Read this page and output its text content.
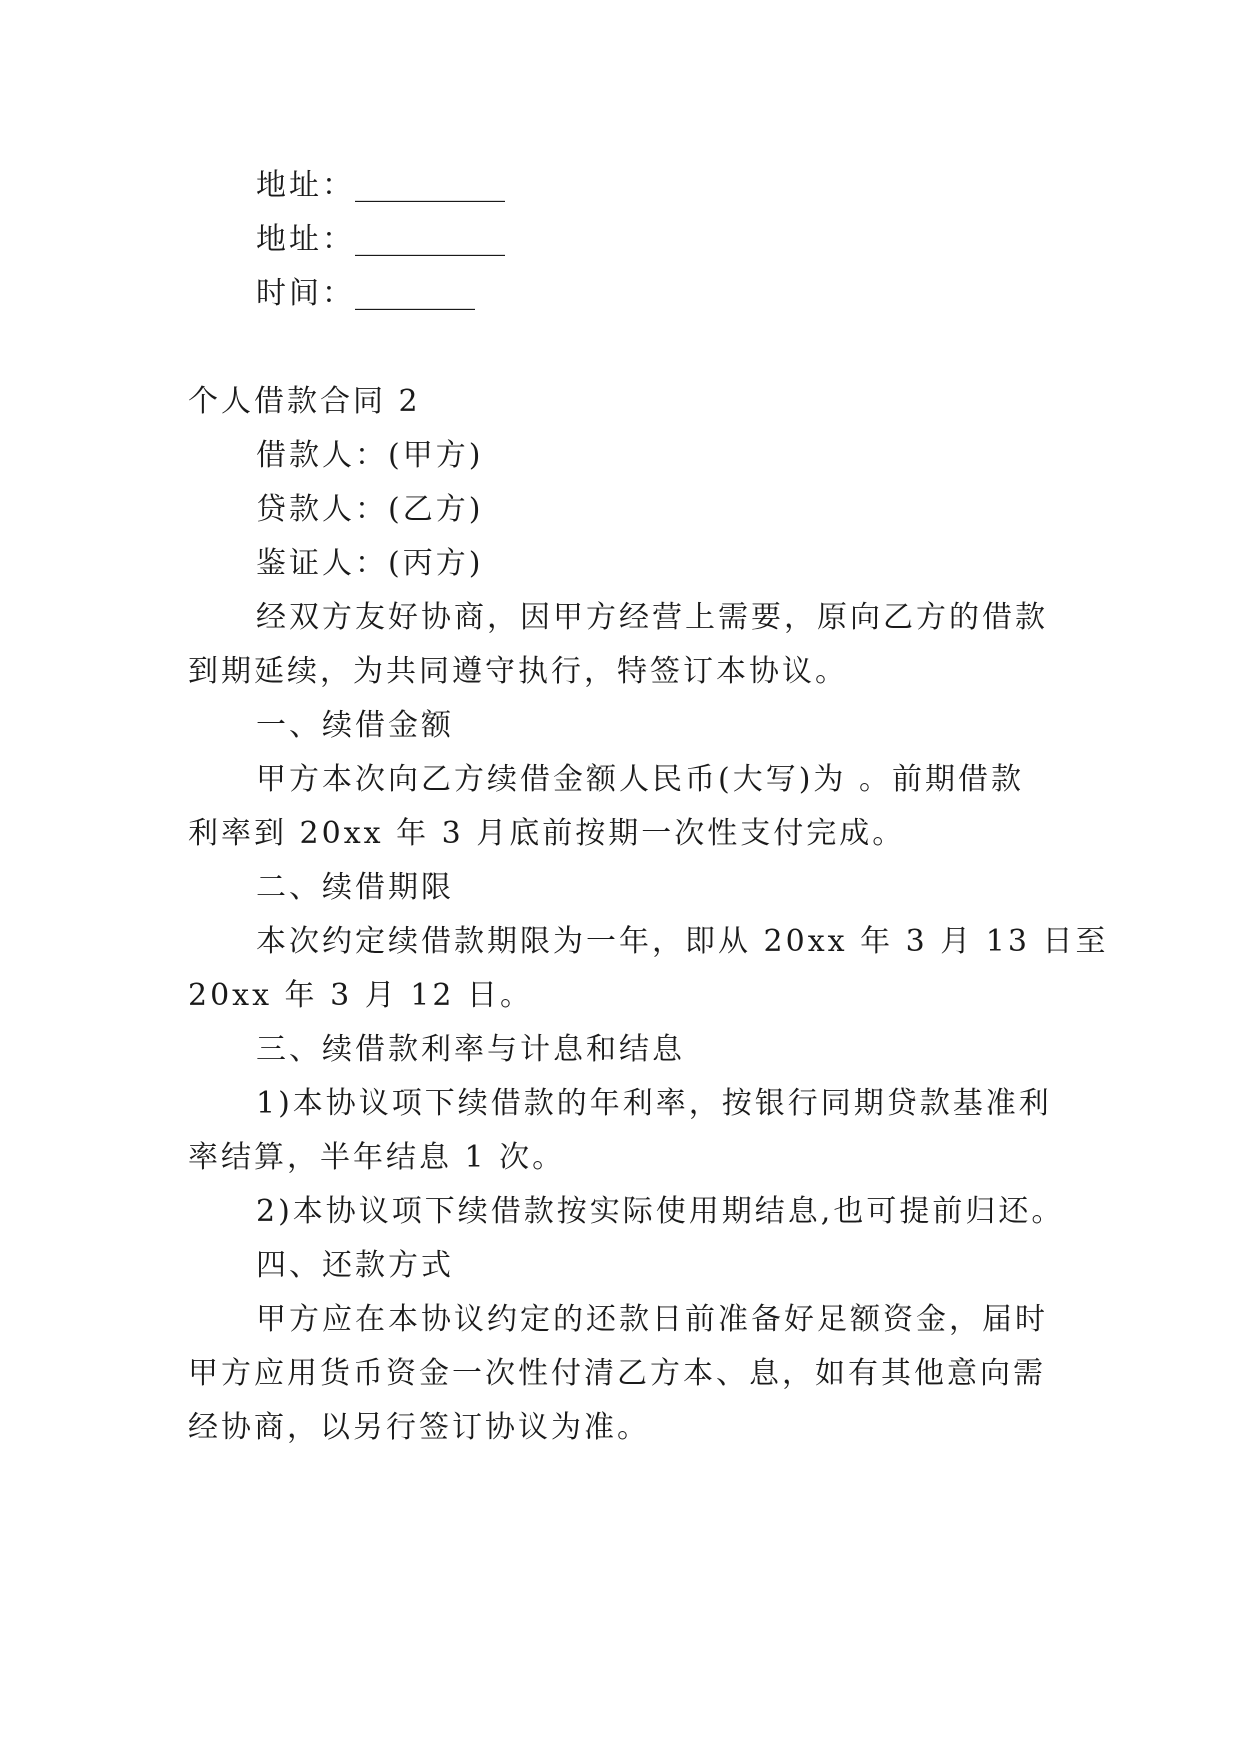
地址：__________
地址：__________
时间：________
个人借款合同 2
借款人：(甲方)
贷款人：(乙方)
鉴证人：(丙方)
经双方友好协商，因甲方经营上需要，原向乙方的借款
到期延续，为共同遵守执行，特签订本协议。
一、续借金额
甲方本次向乙方续借金额人民币(大写)为 。前期借款
利率到 20xx 年 3 月底前按期一次性支付完成。
二、续借期限
本次约定续借款期限为一年，即从 20xx 年 3 月 13 日至
20xx 年 3 月 12 日。
三、续借款利率与计息和结息
1)本协议项下续借款的年利率，按银行同期贷款基准利
率结算，半年结息 1 次。
2)本协议项下续借款按实际使用期结息,也可提前归还。
四、还款方式
甲方应在本协议约定的还款日前准备好足额资金，届时
甲方应用货币资金一次性付清乙方本、息，如有其他意向需
经协商，以另行签订协议为准。
